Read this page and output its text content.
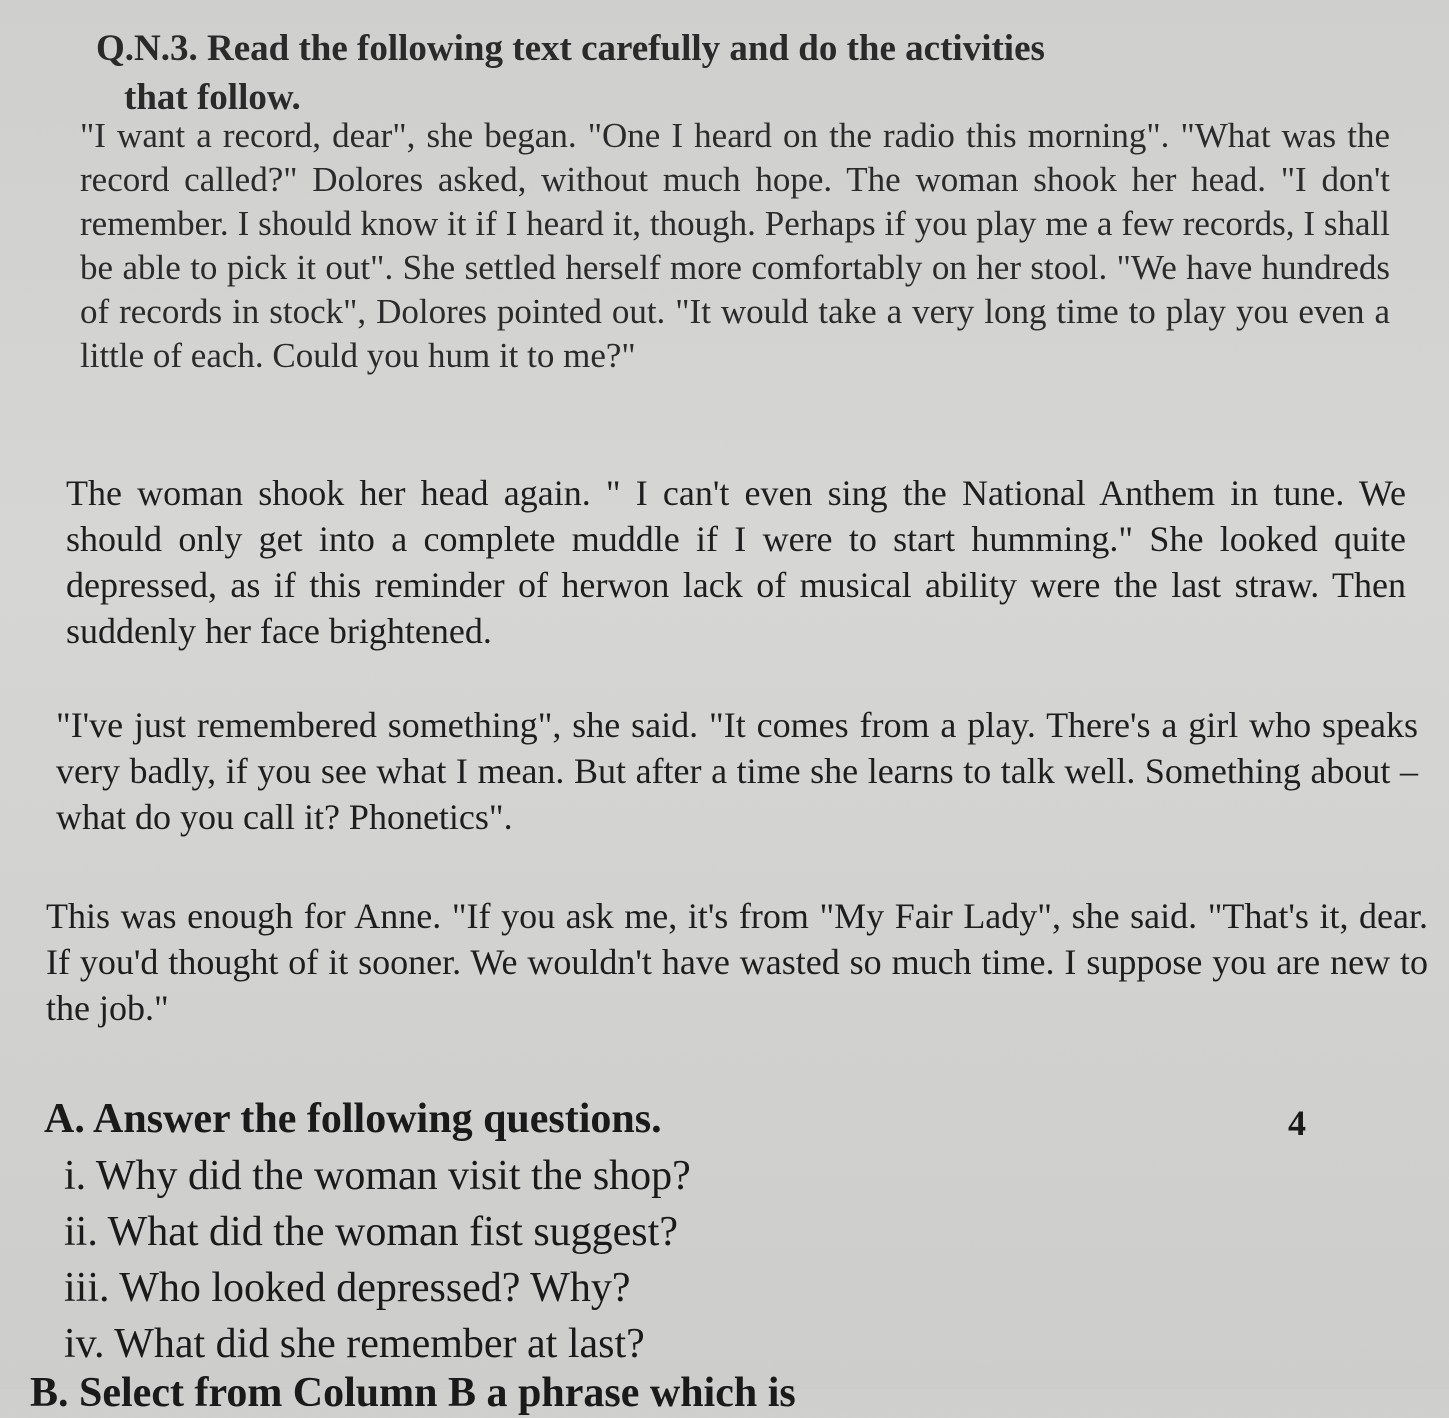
Q.N.3. Read the following text carefully and do the activities
that follow.
"I want a record, dear", she began. "One I heard on the radio this morning". "What was the record called?" Dolores asked, without much hope. The woman shook her head. "I don't remember. I should know it if I heard it, though. Perhaps if you play me a few records, I shall be able to pick it out". She settled herself more comfortably on her stool. "We have hundreds of records in stock", Dolores pointed out. "It would take a very long time to play you even a little of each. Could you hum it to me?"
The woman shook her head again. " I can't even sing the National Anthem in tune. We should only get into a complete muddle if I were to start humming." She looked quite depressed, as if this reminder of herwon lack of musical ability were the last straw. Then suddenly her face brightened.
"I've just remembered something", she said. "It comes from a play. There's a girl who speaks very badly, if you see what I mean. But after a time she learns to talk well. Something about – what do you call it? Phonetics".
This was enough for Anne. "If you ask me, it's from "My Fair Lady", she said. "That's it, dear. If you'd thought of it sooner. We wouldn't have wasted so much time. I suppose you are new to the job."
A. Answer the following questions.	4
i. Why did the woman visit the shop?
ii. What did the woman fist suggest?
iii. Who looked depressed? Why?
iv. What did she remember at last?
B. Select from Column B a phrase which is
